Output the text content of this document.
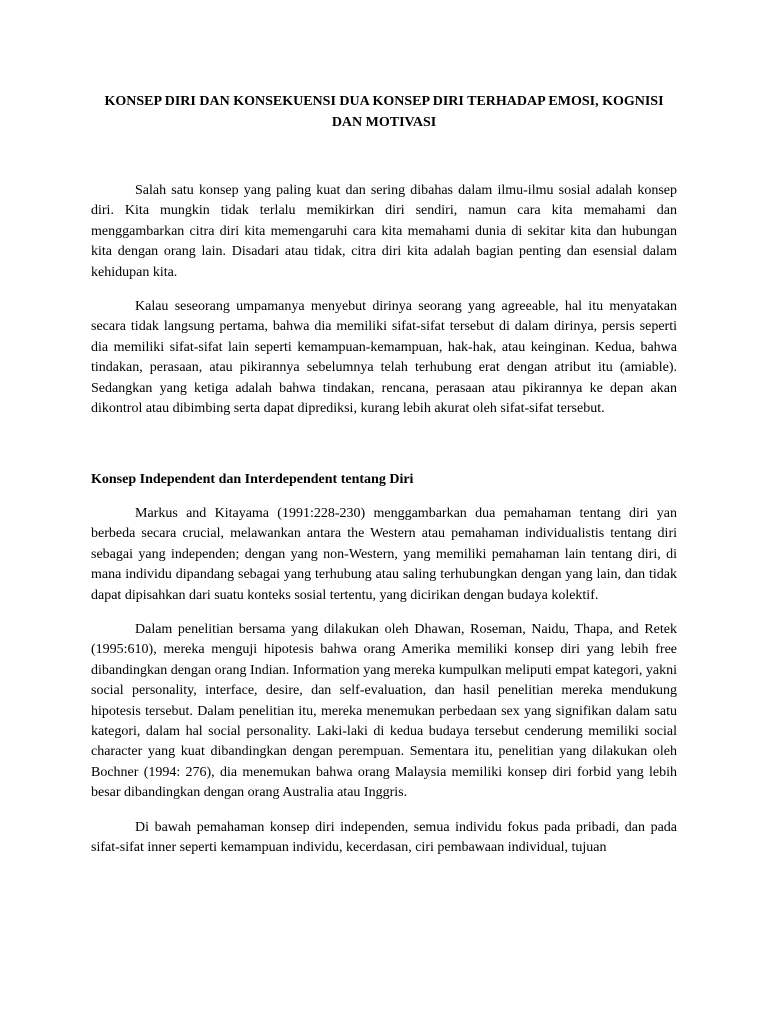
KONSEP DIRI DAN KONSEKUENSI DUA KONSEP DIRI TERHADAP EMOSI, KOGNISI DAN MOTIVASI

Salah satu konsep yang paling kuat dan sering dibahas dalam ilmu-ilmu sosial adalah konsep diri. Kita mungkin tidak terlalu memikirkan diri sendiri, namun cara kita memahami dan menggambarkan citra diri kita memengaruhi cara kita memahami dunia di sekitar kita dan hubungan kita dengan orang lain. Disadari atau tidak, citra diri kita adalah bagian penting dan esensial dalam kehidupan kita.

Kalau seseorang umpamanya menyebut dirinya seorang yang agreeable, hal itu menyatakan secara tidak langsung pertama, bahwa dia memiliki sifat-sifat tersebut di dalam dirinya, persis seperti dia memiliki sifat-sifat lain seperti kemampuan-kemampuan, hak-hak, atau keinginan. Kedua, bahwa tindakan, perasaan, atau pikirannya sebelumnya telah terhubung erat dengan atribut itu (amiable). Sedangkan yang ketiga adalah bahwa tindakan, rencana, perasaan atau pikirannya ke depan akan dikontrol atau dibimbing serta dapat diprediksi, kurang lebih akurat oleh sifat-sifat tersebut.

Konsep Independent dan Interdependent tentang Diri

Markus and Kitayama (1991:228-230) menggambarkan dua pemahaman tentang diri yan berbeda secara crucial, melawankan antara the Western atau pemahaman individualistis tentang diri sebagai yang independen; dengan yang non-Western, yang memiliki pemahaman lain tentang diri, di mana individu dipandang sebagai yang terhubung atau saling terhubungkan dengan yang lain, dan tidak dapat dipisahkan dari suatu konteks sosial tertentu, yang dicirikan dengan budaya kolektif.

Dalam penelitian bersama yang dilakukan oleh Dhawan, Roseman, Naidu, Thapa, and Retek (1995:610), mereka menguji hipotesis bahwa orang Amerika memiliki konsep diri yang lebih free dibandingkan dengan orang Indian. Information yang mereka kumpulkan meliputi empat kategori, yakni social personality, interface, desire, dan self-evaluation, dan hasil penelitian mereka mendukung hipotesis tersebut. Dalam penelitian itu, mereka menemukan perbedaan sex yang signifikan dalam satu kategori, dalam hal social personality. Laki-laki di kedua budaya tersebut cenderung memiliki social character yang kuat dibandingkan dengan perempuan. Sementara itu, penelitian yang dilakukan oleh Bochner (1994: 276), dia menemukan bahwa orang Malaysia memiliki konsep diri forbid yang lebih besar dibandingkan dengan orang Australia atau Inggris.

Di bawah pemahaman konsep diri independen, semua individu fokus pada pribadi, dan pada sifat-sifat inner seperti kemampuan individu, kecerdasan, ciri pembawaan individual, tujuan
